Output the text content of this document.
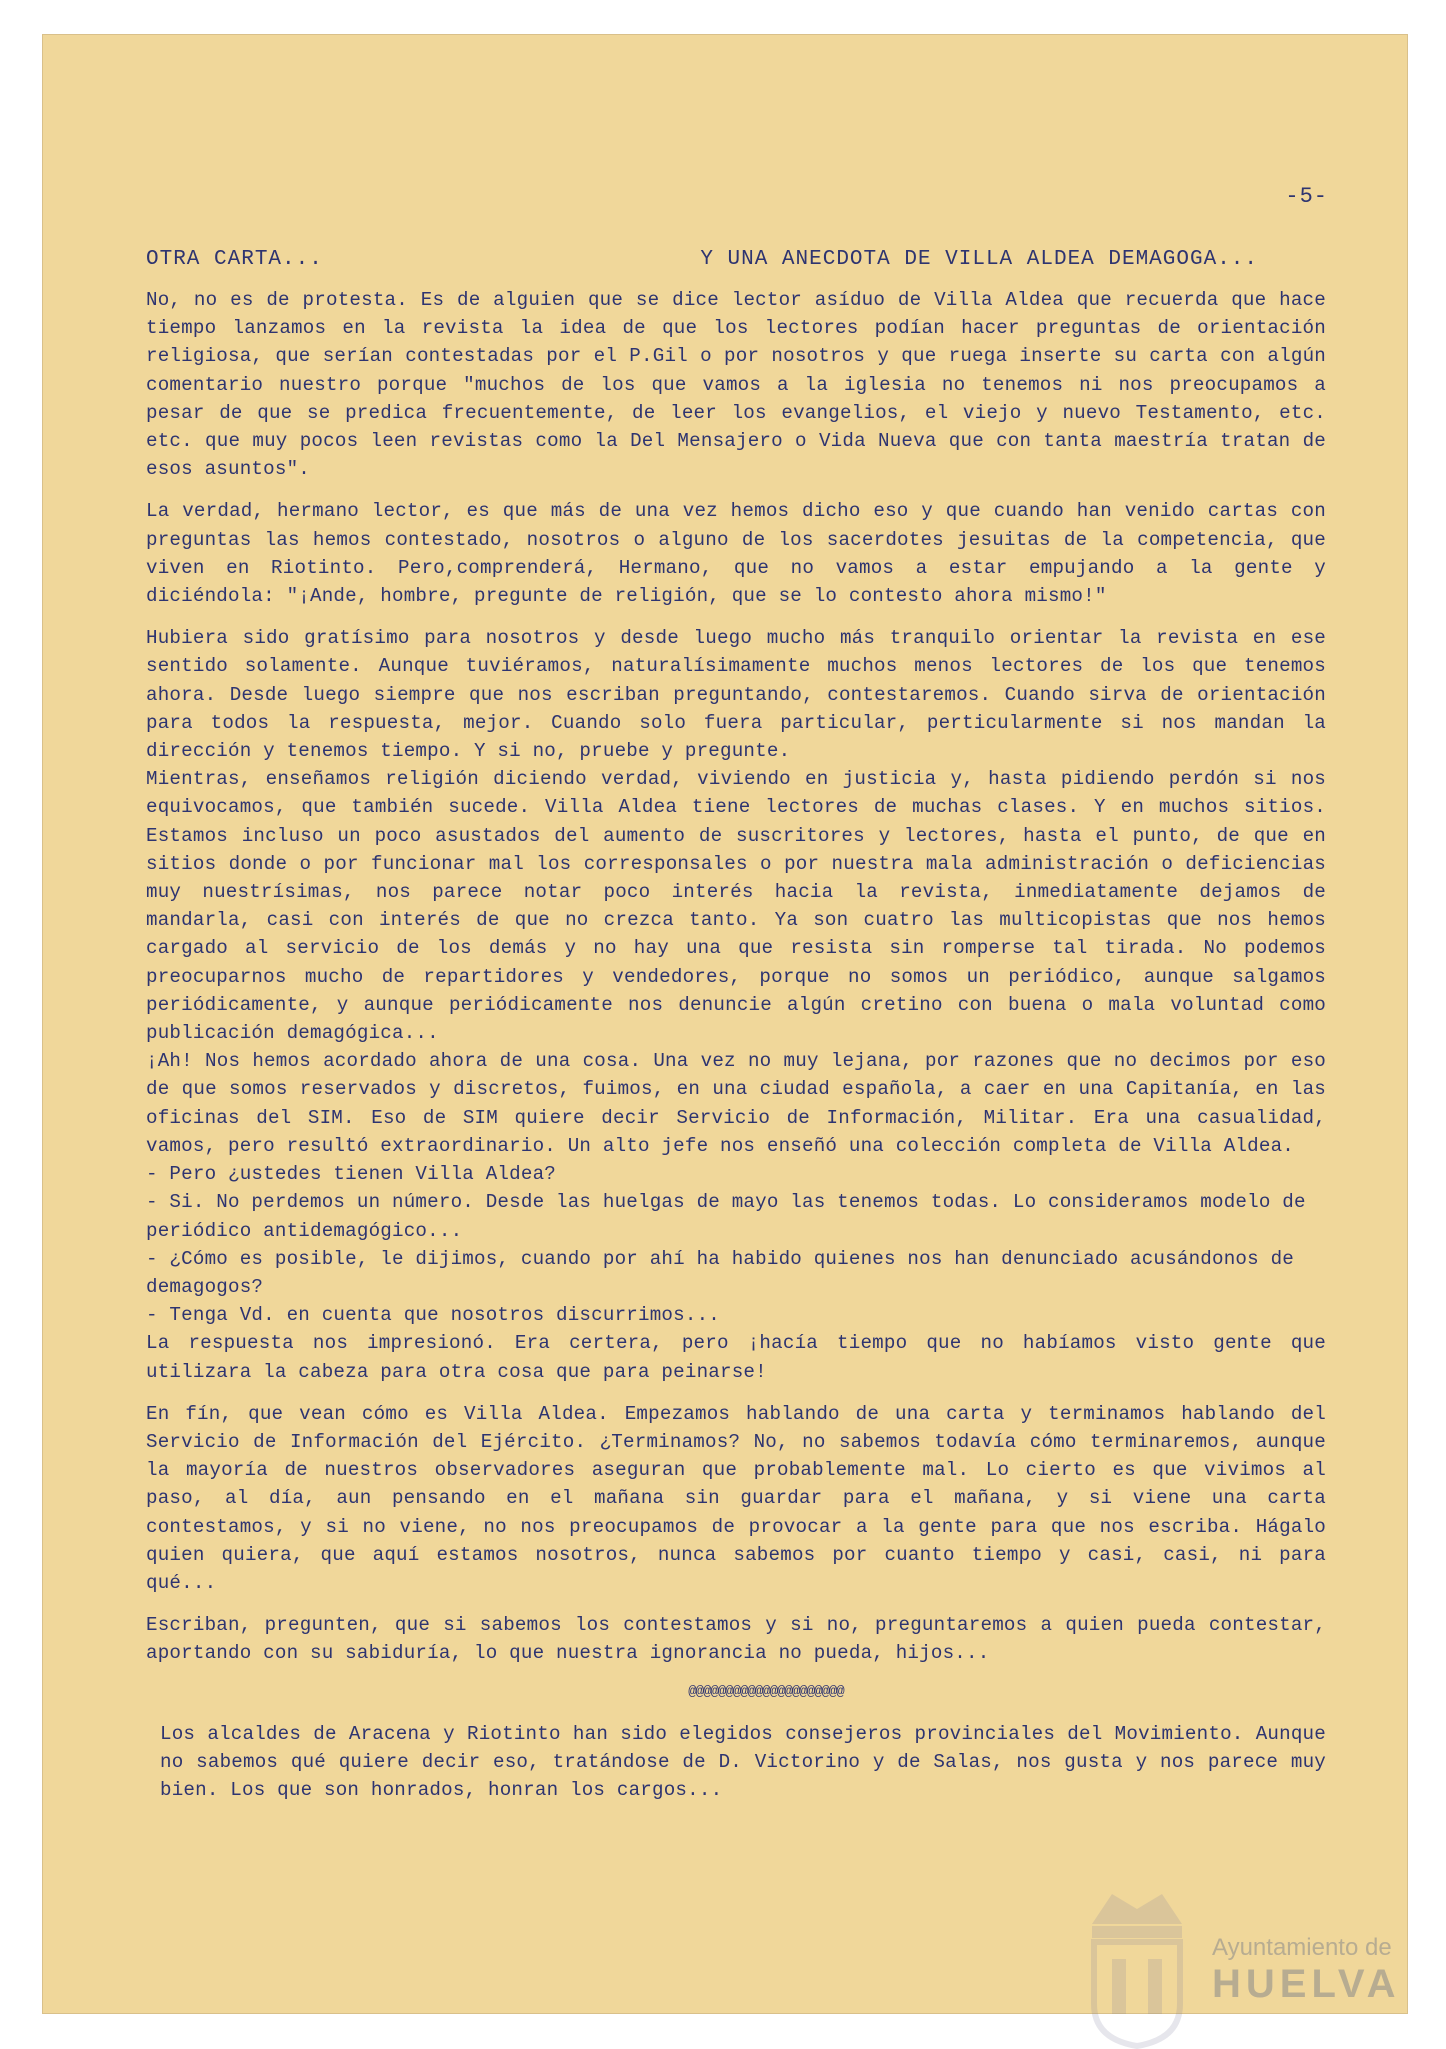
-5-
OTRA CARTA...	Y UNA ANECDOTA DE VILLA ALDEA DEMAGOGA...

No, no es de protesta. Es de alguien que se dice lector asíduo de Villa Aldea que recuerda que hace tiempo lanzamos en la revista la idea de que los lectores podían hacer preguntas de orientación religiosa, que serían contestadas por el P.Gil o por nosotros y que ruega inserte su carta con algún comentario nuestro porque "muchos de los que vamos a la iglesia no tenemos ni nos preocupamos a pesar de que se predica frecuentemente, de leer los evangelios, el viejo y nuevo Testamento, etc. etc. que muy pocos leen revistas como la Del Mensajero o Vida Nueva que con tanta maestría tratan de esos asuntos".

La verdad, hermano lector, es que más de una vez hemos dicho eso y que cuando han venido cartas con preguntas las hemos contestado, nosotros o alguno de los sacerdotes jesuitas de la competencia, que viven en Riotinto. Pero,comprenderá, Hermano, que no vamos a estar empujando a la gente y diciéndola: "¡Ande, hombre, pregunte de religión, que se lo contesto ahora mismo!"

Hubiera sido gratísimo para nosotros y desde luego mucho más tranquilo orientar la revista en ese sentido solamente. Aunque tuviéramos, naturalísimamente muchos menos lectores de los que tenemos ahora. Desde luego siempre que nos escriban preguntando, contestaremos. Cuando sirva de orientación para todos la respuesta, mejor. Cuando solo fuera particular, perticularmente si nos mandan la dirección y tenemos tiempo. Y si no, pruebe y pregunte.

Mientras, enseñamos religión diciendo verdad, viviendo en justicia y, hasta pidiendo perdón si nos equivocamos, que también sucede. Villa Aldea tiene lectores de muchas clases. Y en muchos sitios. Estamos incluso un poco asustados del aumento de suscritores y lectores, hasta el punto, de que en sitios donde o por funcionar mal los corresponsales o por nuestra mala administración o deficiencias muy nuestrísimas, nos parece notar poco interés hacia la revista, inmediatamente dejamos de mandarla, casi con interés de que no crezca tanto. Ya son cuatro las multicopistas que nos hemos cargado al servicio de los demás y no hay una que resista sin romperse tal tirada. No podemos preocuparnos mucho de repartidores y vendedores, porque no somos un periódico, aunque salgamos periódicamente, y aunque periódicamente nos denuncie algún cretino con buena o mala voluntad como publicación demagógica...

¡Ah! Nos hemos acordado ahora de una cosa. Una vez no muy lejana, por razones que no decimos por eso de que somos reservados y discretos, fuimos, en una ciudad española, a caer en una Capitanía, en las oficinas del SIM. Eso de SIM quiere decir Servicio de Información, Militar. Era una casualidad, vamos, pero resultó extraordinario. Un alto jefe nos enseñó una colección completa de Villa Aldea.

- Pero ¿ustedes tienen Villa Aldea?

- Si. No perdemos un número. Desde las huelgas de mayo las tenemos todas. Lo consideramos modelo de periódico antidemagógico...

- ¿Cómo es posible, le dijimos, cuando por ahí ha habido quienes nos han denunciado acusándonos de demagogos?

- Tenga Vd. en cuenta que nosotros discurrimos...

La respuesta nos impresionó. Era certera, pero ¡hacía tiempo que no habíamos visto gente que utilizara la cabeza para otra cosa que para peinarse!

En fín, que vean cómo es Villa Aldea. Empezamos hablando de una carta y terminamos hablando del Servicio de Información del Ejército. ¿Terminamos? No, no sabemos todavía cómo terminaremos, aunque la mayoría de nuestros observadores aseguran que probablemente mal. Lo cierto es que vivimos al paso, al día, aun pensando en el mañana sin guardar para el mañana, y si viene una carta contestamos, y si no viene, no nos preocupamos de provocar a la gente para que nos escriba. Hágalo quien quiera, que aquí estamos nosotros, nunca sabemos por cuanto tiempo y casi, casi, ni para qué...

Escriban, pregunten, que si sabemos los contestamos y si no, preguntaremos a quien pueda contestar, aportando con su sabiduría, lo que nuestra ignorancia no pueda, hijos...

@@@@@@@@@@@@@@@@@@@@@

Los alcaldes de Aracena y Riotinto han sido elegidos consejeros provinciales del Movimiento. Aunque no sabemos qué quiere decir eso, tratándose de D. Victorino y de Salas, nos gusta y nos parece muy bien. Los que son honrados, honran los cargos...

Ayuntamiento de
HUELVA
